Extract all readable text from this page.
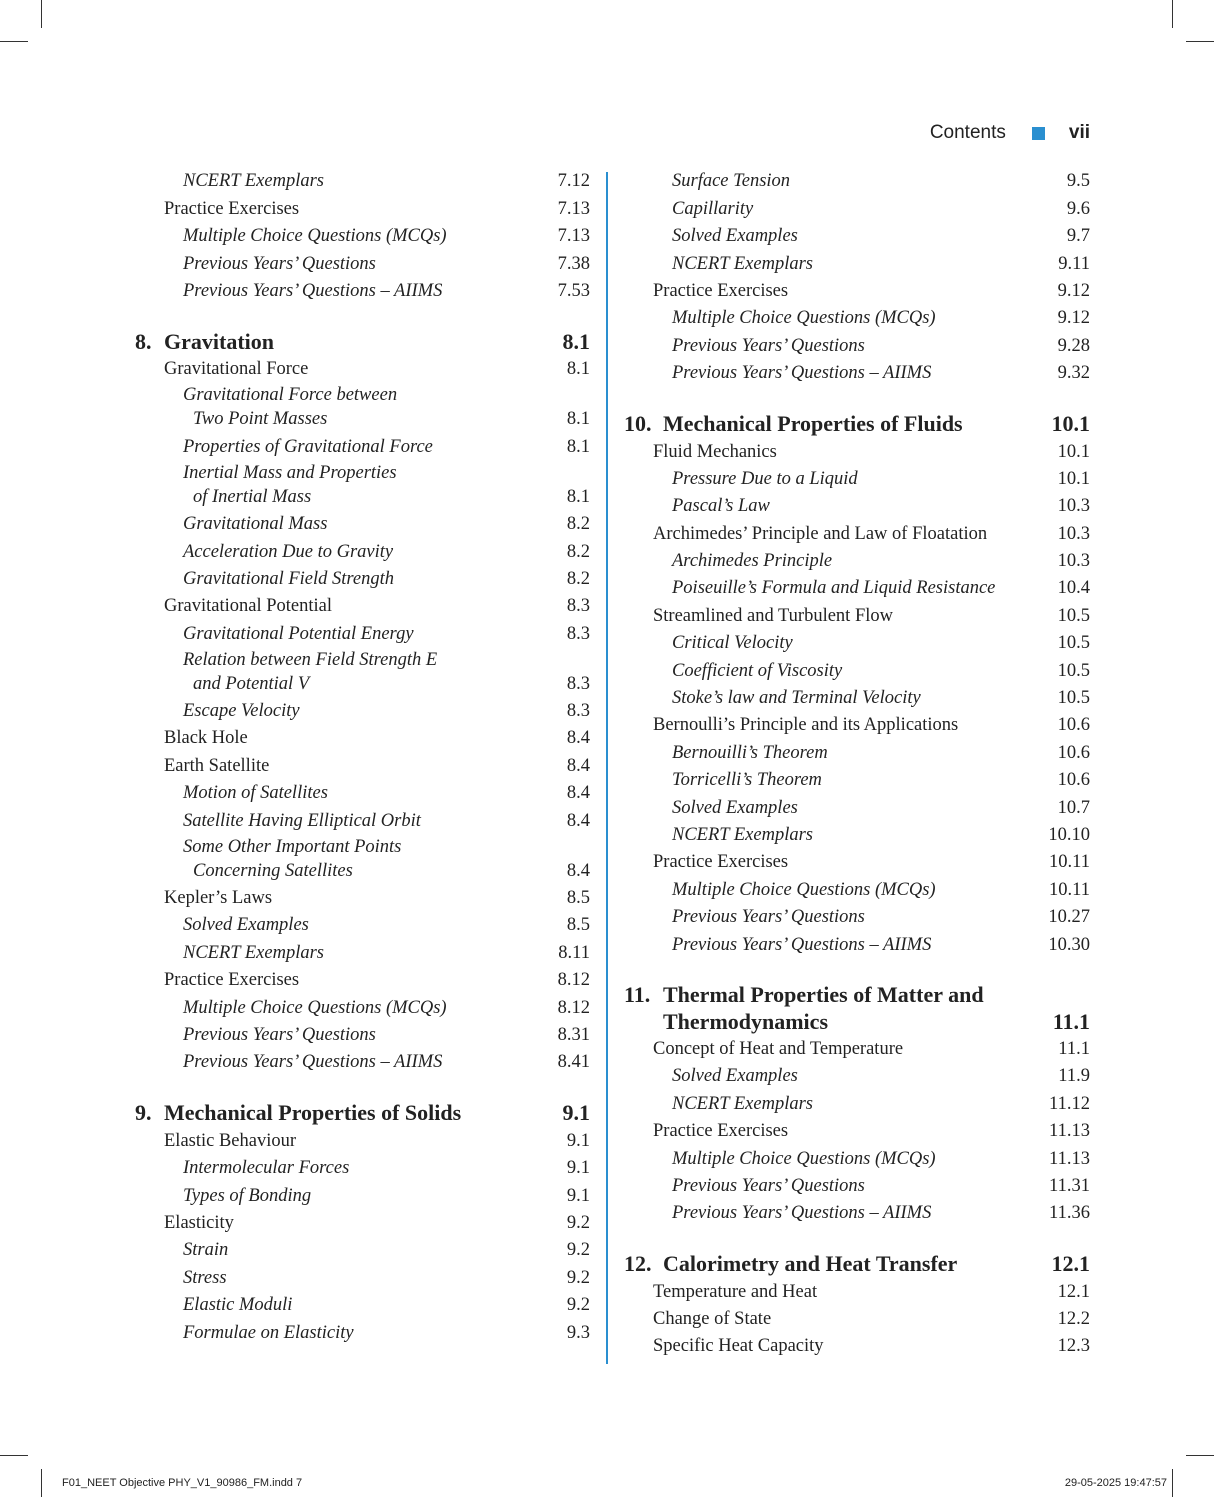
Contents	vii
NCERT Exemplars	7.12
Practice Exercises	7.13
Multiple Choice Questions (MCQs)	7.13
Previous Years’ Questions	7.38
Previous Years’ Questions – AIIMS	7.53
8. Gravitation	8.1
Gravitational Force	8.1
Gravitational Force between
Two Point Masses	8.1
Properties of Gravitational Force	8.1
Inertial Mass and Properties
of Inertial Mass	8.1
Gravitational Mass	8.2
Acceleration Due to Gravity	8.2
Gravitational Field Strength	8.2
Gravitational Potential	8.3
Gravitational Potential Energy	8.3
Relation between Field Strength E
and Potential V	8.3
Escape Velocity	8.3
Black Hole	8.4
Earth Satellite	8.4
Motion of Satellites	8.4
Satellite Having Elliptical Orbit	8.4
Some Other Important Points
Concerning Satellites	8.4
Kepler’s Laws	8.5
Solved Examples	8.5
NCERT Exemplars	8.11
Practice Exercises	8.12
Multiple Choice Questions (MCQs)	8.12
Previous Years’ Questions	8.31
Previous Years’ Questions – AIIMS	8.41
9. Mechanical Properties of Solids	9.1
Elastic Behaviour	9.1
Intermolecular Forces	9.1
Types of Bonding	9.1
Elasticity	9.2
Strain	9.2
Stress	9.2
Elastic Moduli	9.2
Formulae on Elasticity	9.3
Surface Tension	9.5
Capillarity	9.6
Solved Examples	9.7
NCERT Exemplars	9.11
Practice Exercises	9.12
Multiple Choice Questions (MCQs)	9.12
Previous Years’ Questions	9.28
Previous Years’ Questions – AIIMS	9.32
10. Mechanical Properties of Fluids	10.1
Fluid Mechanics	10.1
Pressure Due to a Liquid	10.1
Pascal’s Law	10.3
Archimedes’ Principle and Law of Floatation	10.3
Archimedes Principle	10.3
Poiseuille’s Formula and Liquid Resistance	10.4
Streamlined and Turbulent Flow	10.5
Critical Velocity	10.5
Coefficient of Viscosity	10.5
Stoke’s law and Terminal Velocity	10.5
Bernoulli’s Principle and its Applications	10.6
Bernouilli’s Theorem	10.6
Torricelli’s Theorem	10.6
Solved Examples	10.7
NCERT Exemplars	10.10
Practice Exercises	10.11
Multiple Choice Questions (MCQs)	10.11
Previous Years’ Questions	10.27
Previous Years’ Questions – AIIMS	10.30
11. Thermal Properties of Matter and
Thermodynamics	11.1
Concept of Heat and Temperature	11.1
Solved Examples	11.9
NCERT Exemplars	11.12
Practice Exercises	11.13
Multiple Choice Questions (MCQs)	11.13
Previous Years’ Questions	11.31
Previous Years’ Questions – AIIMS	11.36
12. Calorimetry and Heat Transfer	12.1
Temperature and Heat	12.1
Change of State	12.2
Specific Heat Capacity	12.3
F01_NEET Objective PHY_V1_90986_FM.indd 7	29-05-2025 19:47:57
